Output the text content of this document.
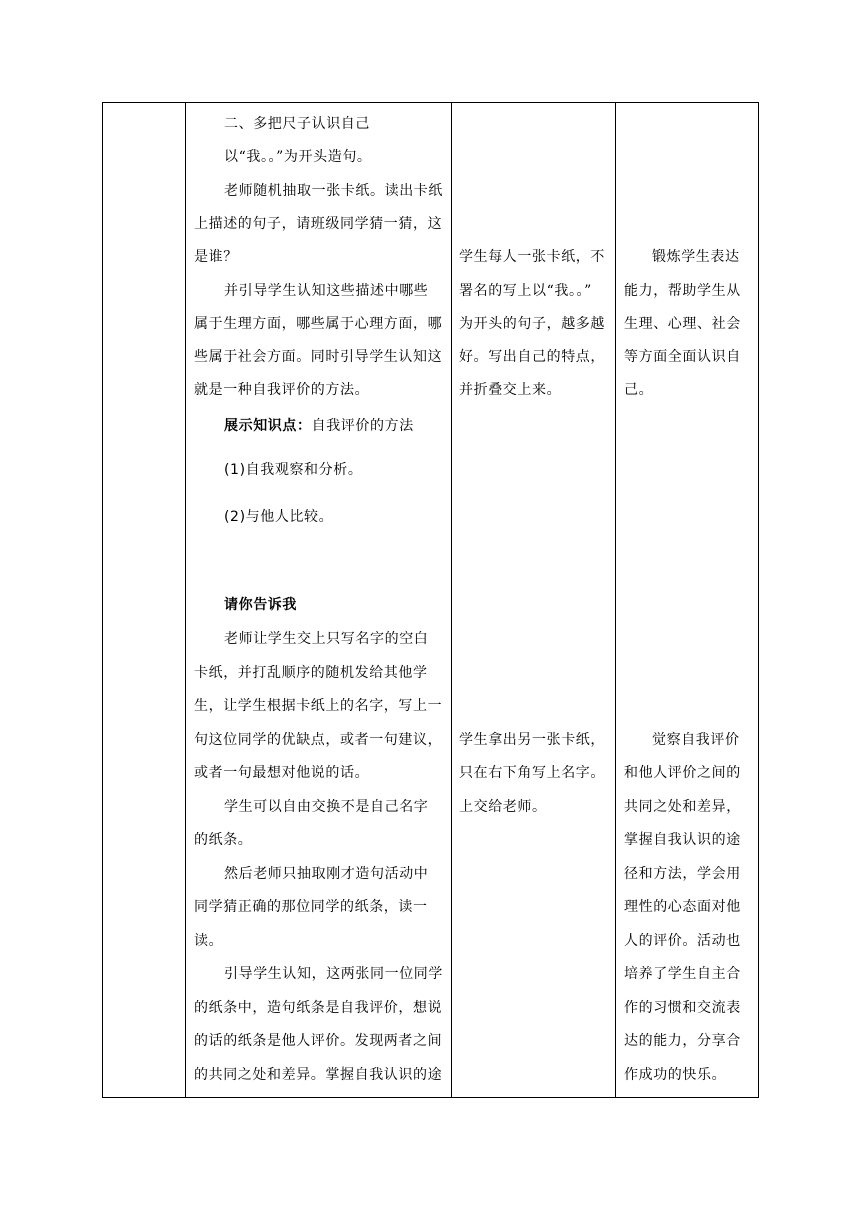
二、多把尺子认识自己
以“我。。”为开头造句。
老师随机抽取一张卡纸。读出卡纸
上描述的句子，请班级同学猜一猜，这
是谁？
并引导学生认知这些描述中哪些
属于生理方面，哪些属于心理方面，哪
些属于社会方面。同时引导学生认知这
就是一种自我评价的方法。
展示知识点：自我评价的方法
(1)自我观察和分析。
(2)与他人比较。
请你告诉我
老师让学生交上只写名字的空白
卡纸，并打乱顺序的随机发给其他学
生，让学生根据卡纸上的名字，写上一
句这位同学的优缺点，或者一句建议，
或者一句最想对他说的话。
学生可以自由交换不是自己名字
的纸条。
然后老师只抽取刚才造句活动中
同学猜正确的那位同学的纸条，读一
读。
引导学生认知，这两张同一位同学
的纸条中，造句纸条是自我评价，想说
的话的纸条是他人评价。发现两者之间
的共同之处和差异。掌握自我认识的途
学生每人一张卡纸，不
署名的写上以“我。。”
为开头的句子，越多越
好。写出自己的特点，
并折叠交上来。
学生拿出另一张卡纸，
只在右下角写上名字。
上交给老师。
锻炼学生表达
能力，帮助学生从
生理、心理、社会
等方面全面认识自
己。
觉察自我评价
和他人评价之间的
共同之处和差异，
掌握自我认识的途
径和方法，学会用
理性的心态面对他
人的评价。活动也
培养了学生自主合
作的习惯和交流表
达的能力，分享合
作成功的快乐。
